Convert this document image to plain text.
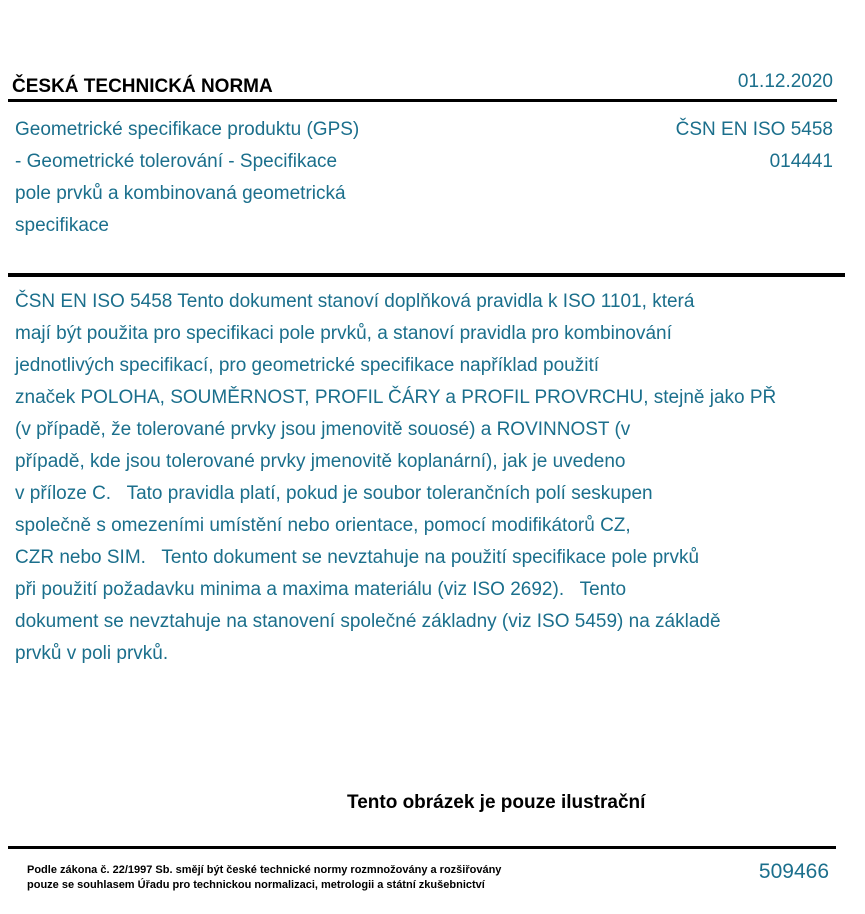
ČESKÁ TECHNICKÁ NORMA	01.12.2020
Geometrické specifikace produktu (GPS)
- Geometrické tolerování - Specifikace
pole prvků a kombinovaná geometrická
specifikace
ČSN EN ISO 5458
014441
ČSN EN ISO 5458 Tento dokument stanoví doplňková pravidla k ISO 1101, která
mají být použita pro specifikaci pole prvků, a stanoví pravidla pro kombinování
jednotlivých specifikací, pro geometrické specifikace například použití
značek POLOHA, SOUMĚRNOST, PROFIL ČÁRY a PROFIL PROVRCHU, stejně jako PŘ
(v případě, že tolerované prvky jsou jmenovitě souosé) a ROVINNOST (v
případě, kde jsou tolerované prvky jmenovitě koplanární), jak je uvedeno
v příloze C.   Tato pravidla platí, pokud je soubor tolerančních polí seskupen
společně s omezeními umístění nebo orientace, pomocí modifikátorů CZ,
CZR nebo SIM.   Tento dokument se nevztahuje na použití specifikace pole prvků
při použití požadavku minima a maxima materiálu (viz ISO 2692).   Tento
dokument se nevztahuje na stanovení společné základny (viz ISO 5459) na základě
prvků v poli prvků.
Tento obrázek je pouze ilustrační
Podle zákona č. 22/1997 Sb. smějí být české technické normy rozmnožovány a rozšiřovány
pouze se souhlasem Úřadu pro technickou normalizaci, metrologii a státní zkušebnictví
509466
